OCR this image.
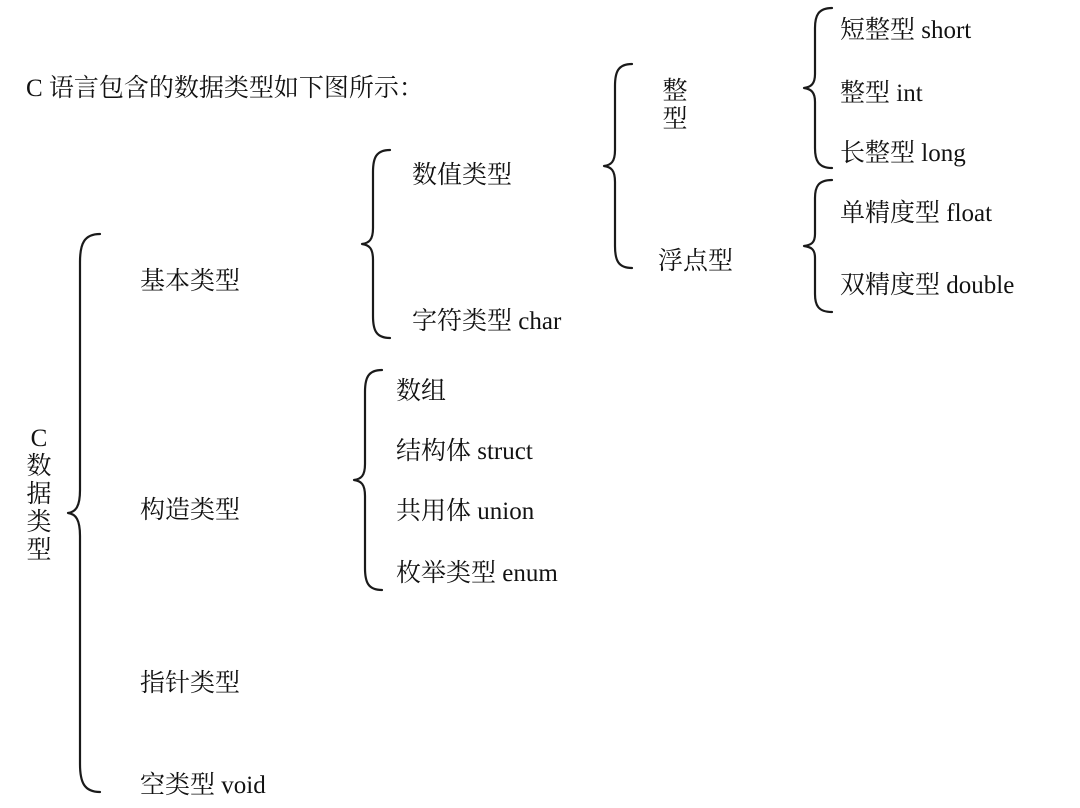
C 语言包含的数据类型如下图所示：
C
数
据
类
型
基本类型
构造类型
指针类型
空类型 void
数值类型
字符类型 char
整
型
浮点型
短整型 short
整型 int
长整型 long
单精度型 float
双精度型 double
数组
结构体 struct
共用体 union
枚举类型 enum
